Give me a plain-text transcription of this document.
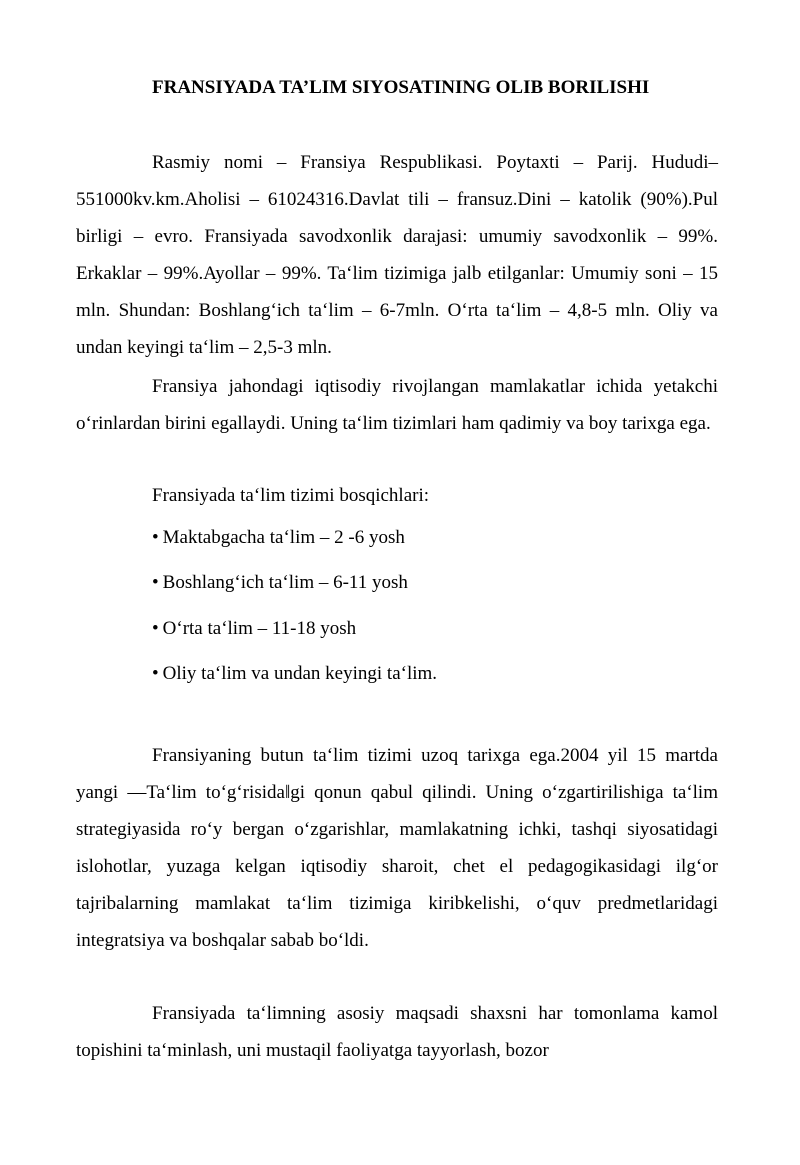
FRANSIYADA TA’LIM SIYOSATINING OLIB BORILISHI

Rasmiy nomi – Fransiya Respublikasi. Poytaxti – Parij. Hududi– 551000kv.km.Aholisi – 61024316.Davlat tili – fransuz.Dini – katolik (90%).Pul birligi – evro. Fransiyada savodxonlik darajasi: umumiy savodxonlik – 99%. Erkaklar – 99%.Ayollar – 99%. Ta‘lim tizimiga jalb etilganlar: Umumiy soni – 15 mln. Shundan: Boshlang‘ich ta‘lim – 6-7mln. O‘rta ta‘lim – 4,8-5 mln. Oliy va undan keyingi ta‘lim – 2,5-3 mln.

Fransiya jahondagi iqtisodiy rivojlangan mamlakatlar ichida yetakchi o‘rinlardan birini egallaydi. Uning ta‘lim tizimlari ham qadimiy va boy tarixga ega.

Fransiyada ta‘lim tizimi bosqichlari:
• Maktabgacha ta‘lim – 2 -6 yosh
• Boshlang‘ich ta‘lim – 6-11 yosh
• O‘rta ta‘lim – 11-18 yosh
• Oliy ta‘lim va undan keyingi ta‘lim.

Fransiyaning butun ta‘lim tizimi uzoq tarixga ega.2004 yil 15 martda yangi ―Ta‘lim to‘g‘risida‖gi qonun qabul qilindi. Uning o‘zgartirilishiga ta‘lim strategiyasida ro‘y bergan o‘zgarishlar, mamlakatning ichki, tashqi siyosatidagi islohotlar, yuzaga kelgan iqtisodiy sharoit, chet el pedagogikasidagi ilg‘or tajribalarning mamlakat ta‘lim tizimiga kiribkelishi, o‘quv predmetlaridagi integratsiya va boshqalar sabab bo‘ldi.

Fransiyada ta‘limning asosiy maqsadi shaxsni har tomonlama kamol topishini ta‘minlash, uni mustaqil faoliyatga tayyorlash, bozor
